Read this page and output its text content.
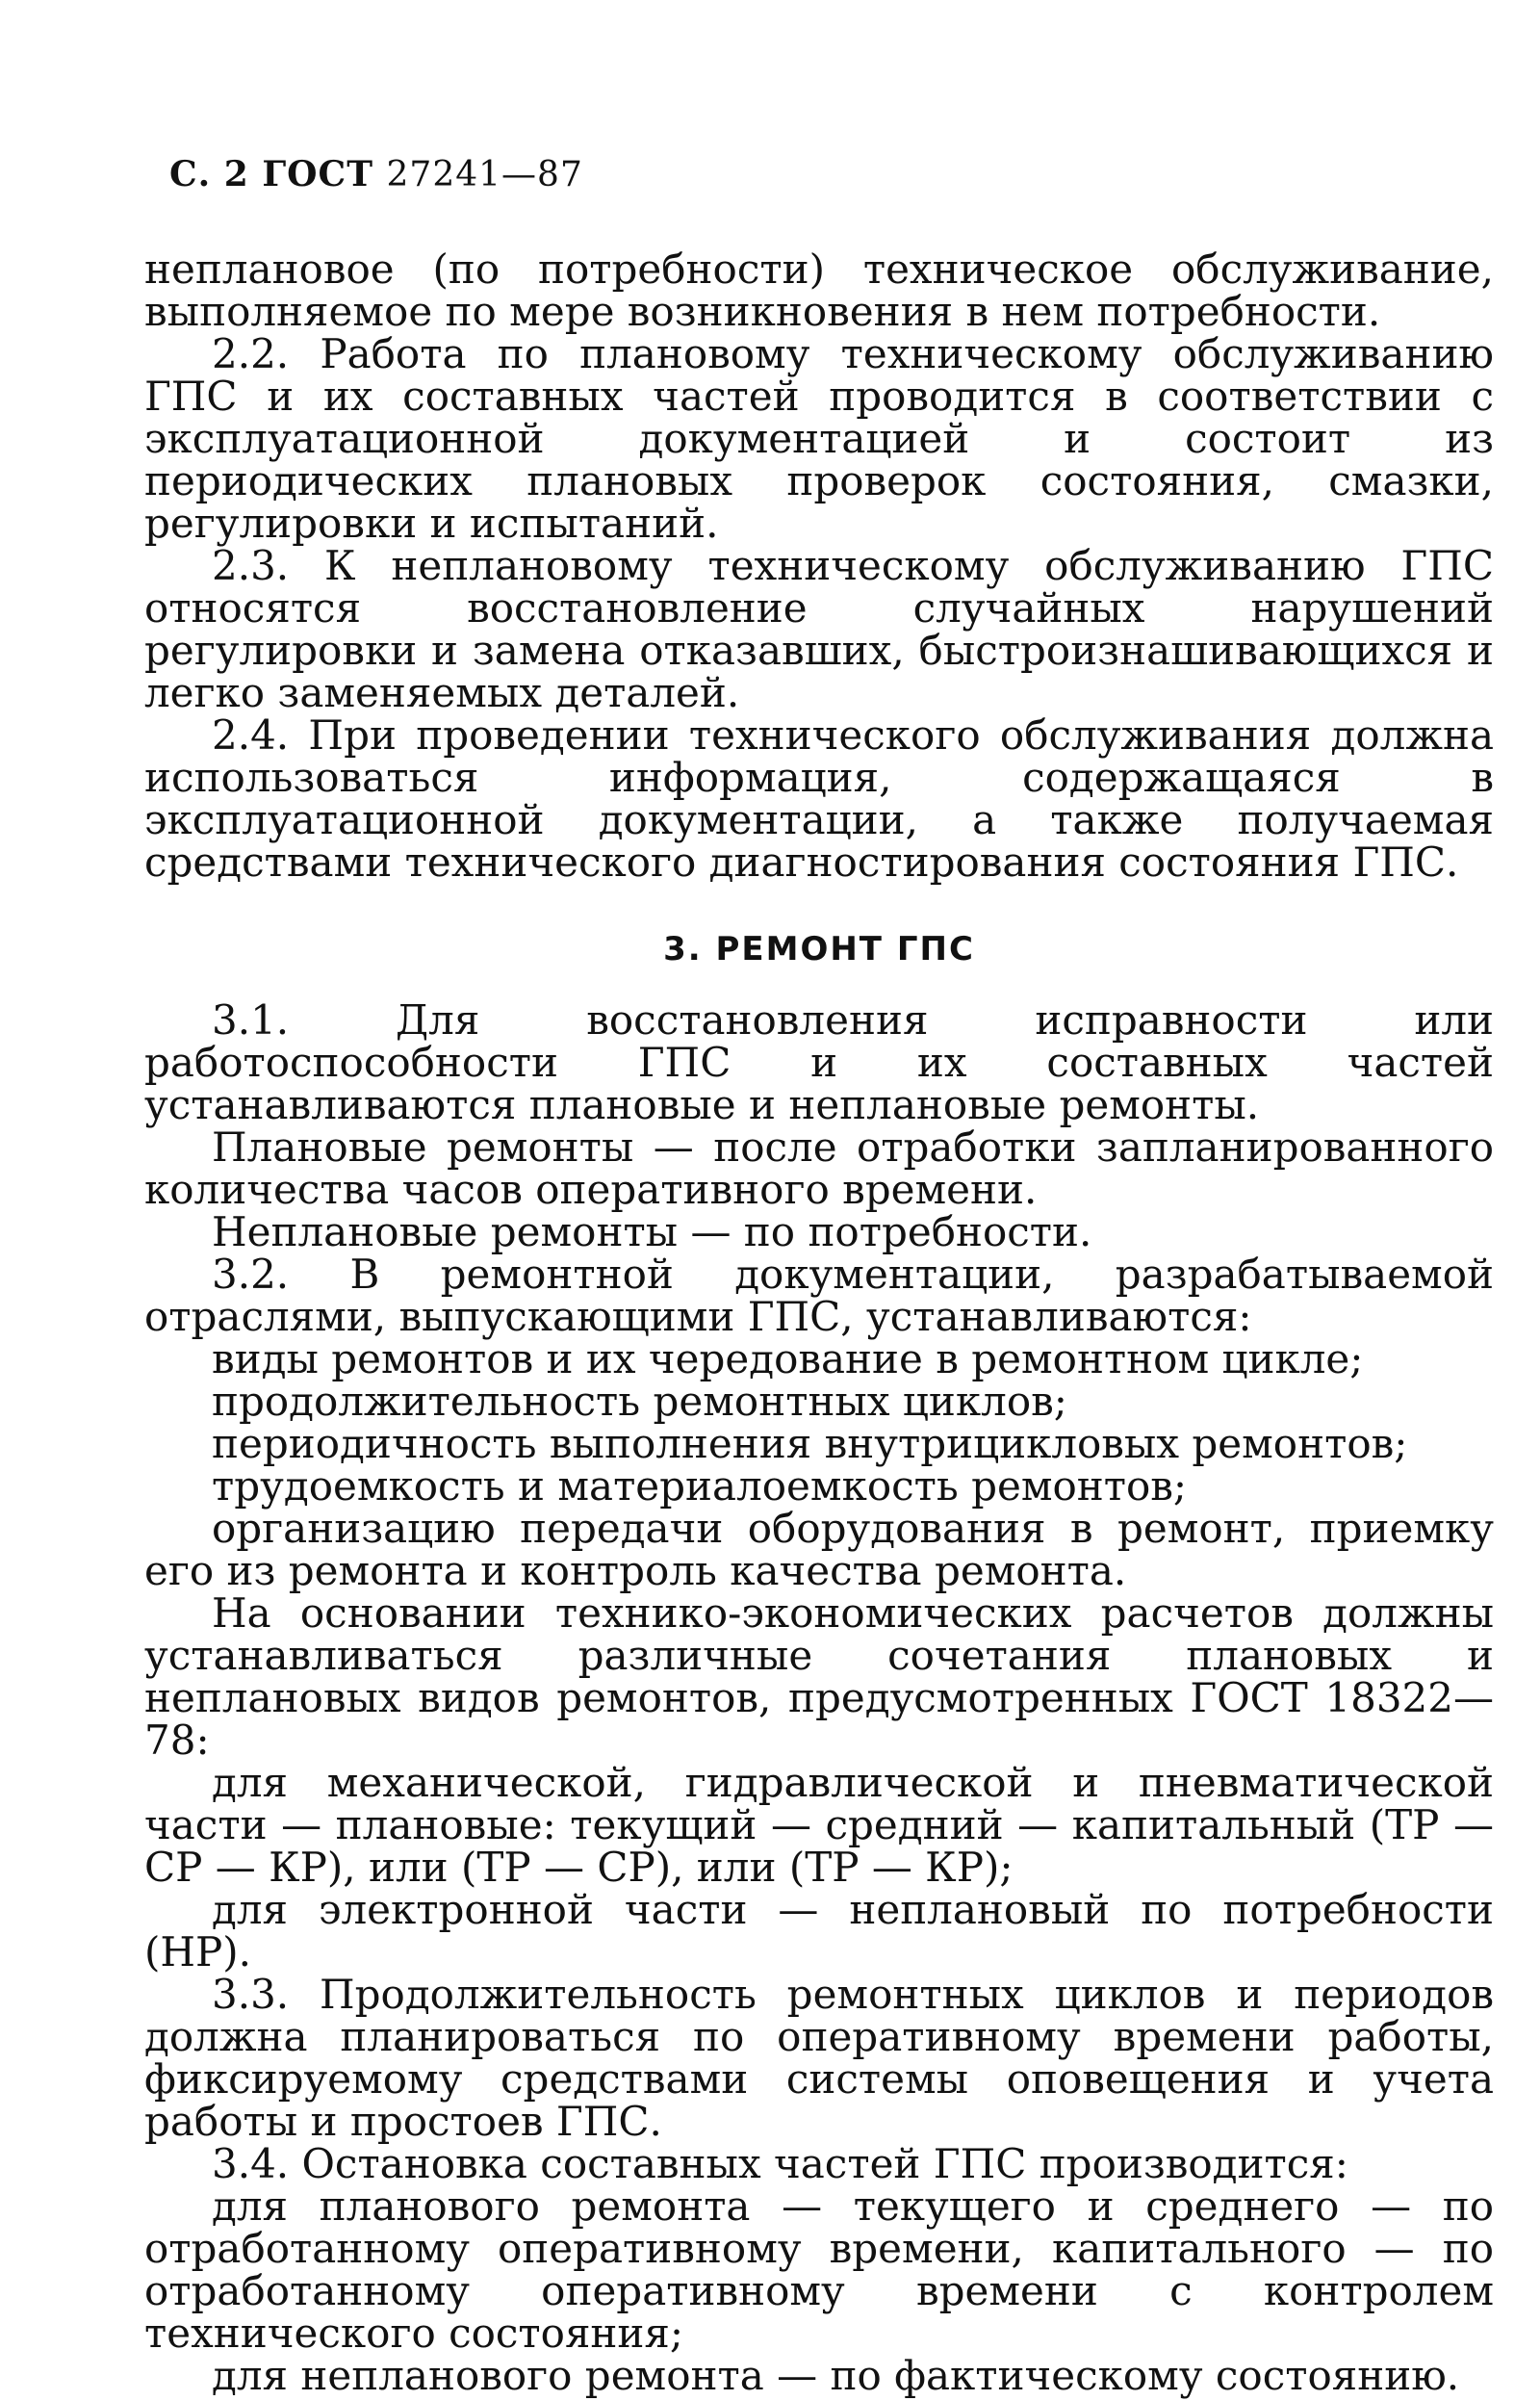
С. 2 ГОСТ 27241—87

неплановое (по потребности) техническое обслуживание, выполняемое по мере возникновения в нем потребности.

2.2. Работа по плановому техническому обслуживанию ГПС и их составных частей проводится в соответствии с эксплуатационной документацией и состоит из периодических плановых проверок состояния, смазки, регулировки и испытаний.

2.3. К неплановому техническому обслуживанию ГПС относятся восстановление случайных нарушений регулировки и замена отказавших, быстроизнашивающихся и легко заменяемых деталей.

2.4. При проведении технического обслуживания должна использоваться информация, содержащаяся в эксплуатационной документации, а также получаемая средствами технического диагностирования состояния ГПС.

3. РЕМОНТ ГПС

3.1. Для восстановления исправности или работоспособности ГПС и их составных частей устанавливаются плановые и неплановые ремонты.

Плановые ремонты — после отработки запланированного количества часов оперативного времени.

Неплановые ремонты — по потребности.

3.2. В ремонтной документации, разрабатываемой отраслями, выпускающими ГПС, устанавливаются:

виды ремонтов и их чередование в ремонтном цикле;

продолжительность ремонтных циклов;

периодичность выполнения внутрицикловых ремонтов;

трудоемкость и материалоемкость ремонтов;

организацию передачи оборудования в ремонт, приемку его из ремонта и контроль качества ремонта.

На основании технико-экономических расчетов должны устанавливаться различные сочетания плановых и неплановых видов ремонтов, предусмотренных ГОСТ 18322—78:

для механической, гидравлической и пневматической части — плановые: текущий — средний — капитальный (ТР — СР — КР), или (ТР — СР), или (ТР — КР);

для электронной части — неплановый по потребности (НР).

3.3. Продолжительность ремонтных циклов и периодов должна планироваться по оперативному времени работы, фиксируемому средствами системы оповещения и учета работы и простоев ГПС.

3.4. Остановка составных частей ГПС производится:

для планового ремонта — текущего и среднего — по отработанному оперативному времени, капитального — по отработанному оперативному времени с контролем технического состояния;

для непланового ремонта — по фактическому состоянию.
